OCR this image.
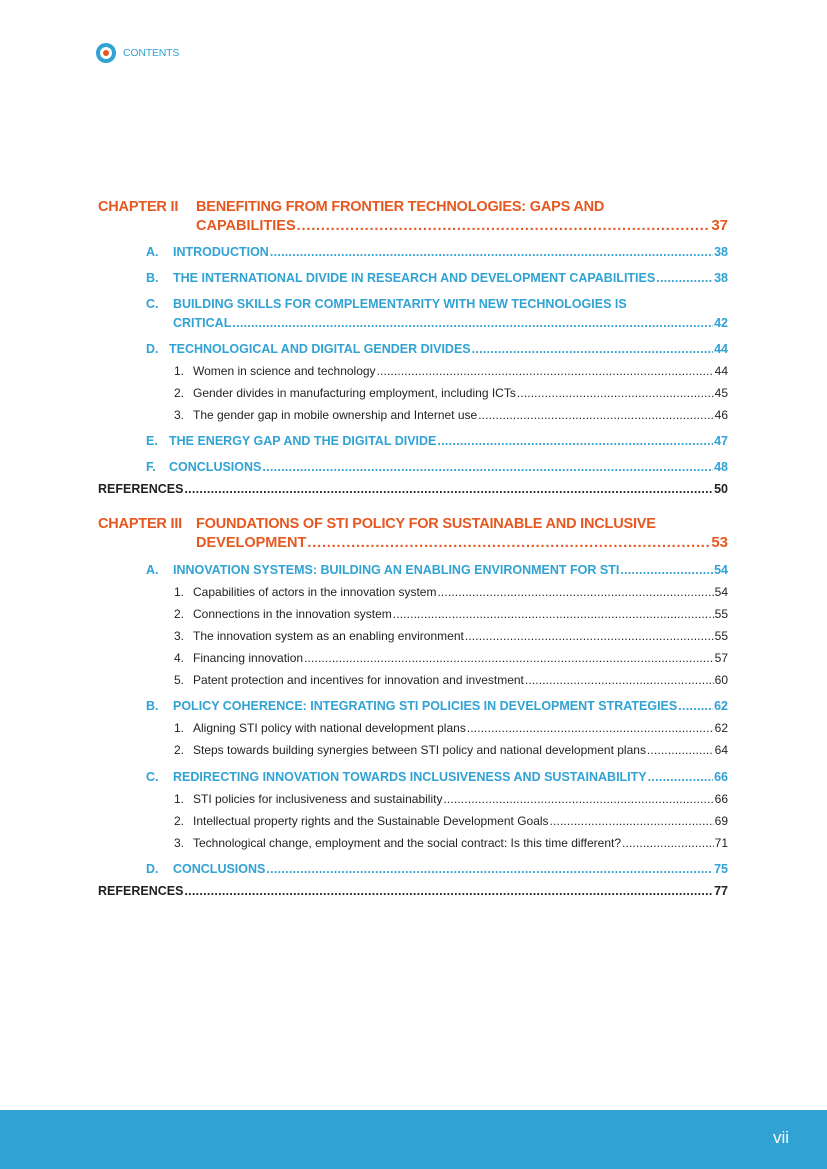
CONTENTS
CHAPTER II BENEFITING FROM FRONTIER TECHNOLOGIES: GAPS AND
CAPABILITIES . . .	37
A. INTRODUCTION . . .	38
B. THE INTERNATIONAL DIVIDE IN RESEARCH AND DEVELOPMENT CAPABILITIES . . .	38
C. BUILDING SKILLS FOR COMPLEMENTARITY WITH NEW TECHNOLOGIES IS
CRITICAL . . .	42
D. TECHNOLOGICAL AND DIGITAL GENDER DIVIDES . . .	44
1. Women in science and technology . . .	44
2. Gender divides in manufacturing employment, including ICTs . . .	45
3. The gender gap in mobile ownership and Internet use . . .	46
E. THE ENERGY GAP AND THE DIGITAL DIVIDE . . .	47
F. CONCLUSIONS . . .	48
REFERENCES . . .	50
CHAPTER III FOUNDATIONS OF STI POLICY FOR SUSTAINABLE AND INCLUSIVE
DEVELOPMENT . . .	53
A. INNOVATION SYSTEMS: BUILDING AN ENABLING ENVIRONMENT FOR STI . . .	54
1. Capabilities of actors in the innovation system . . .	54
2. Connections in the innovation system . . .	55
3. The innovation system as an enabling environment . . .	55
4. Financing innovation . . .	57
5. Patent protection and incentives for innovation and investment . . .	60
B. POLICY COHERENCE: INTEGRATING STI POLICIES IN DEVELOPMENT STRATEGIES . . .	62
1. Aligning STI policy with national development plans . . .	62
2. Steps towards building synergies between STI policy and national development plans . . .	64
C. REDIRECTING INNOVATION TOWARDS INCLUSIVENESS AND SUSTAINABILITY . . .	66
1. STI policies for inclusiveness and sustainability . . .	66
2. Intellectual property rights and the Sustainable Development Goals . . .	69
3. Technological change, employment and the social contract: Is this time different? . . .	71
D. CONCLUSIONS . . .	75
REFERENCES . . .	77
vii
